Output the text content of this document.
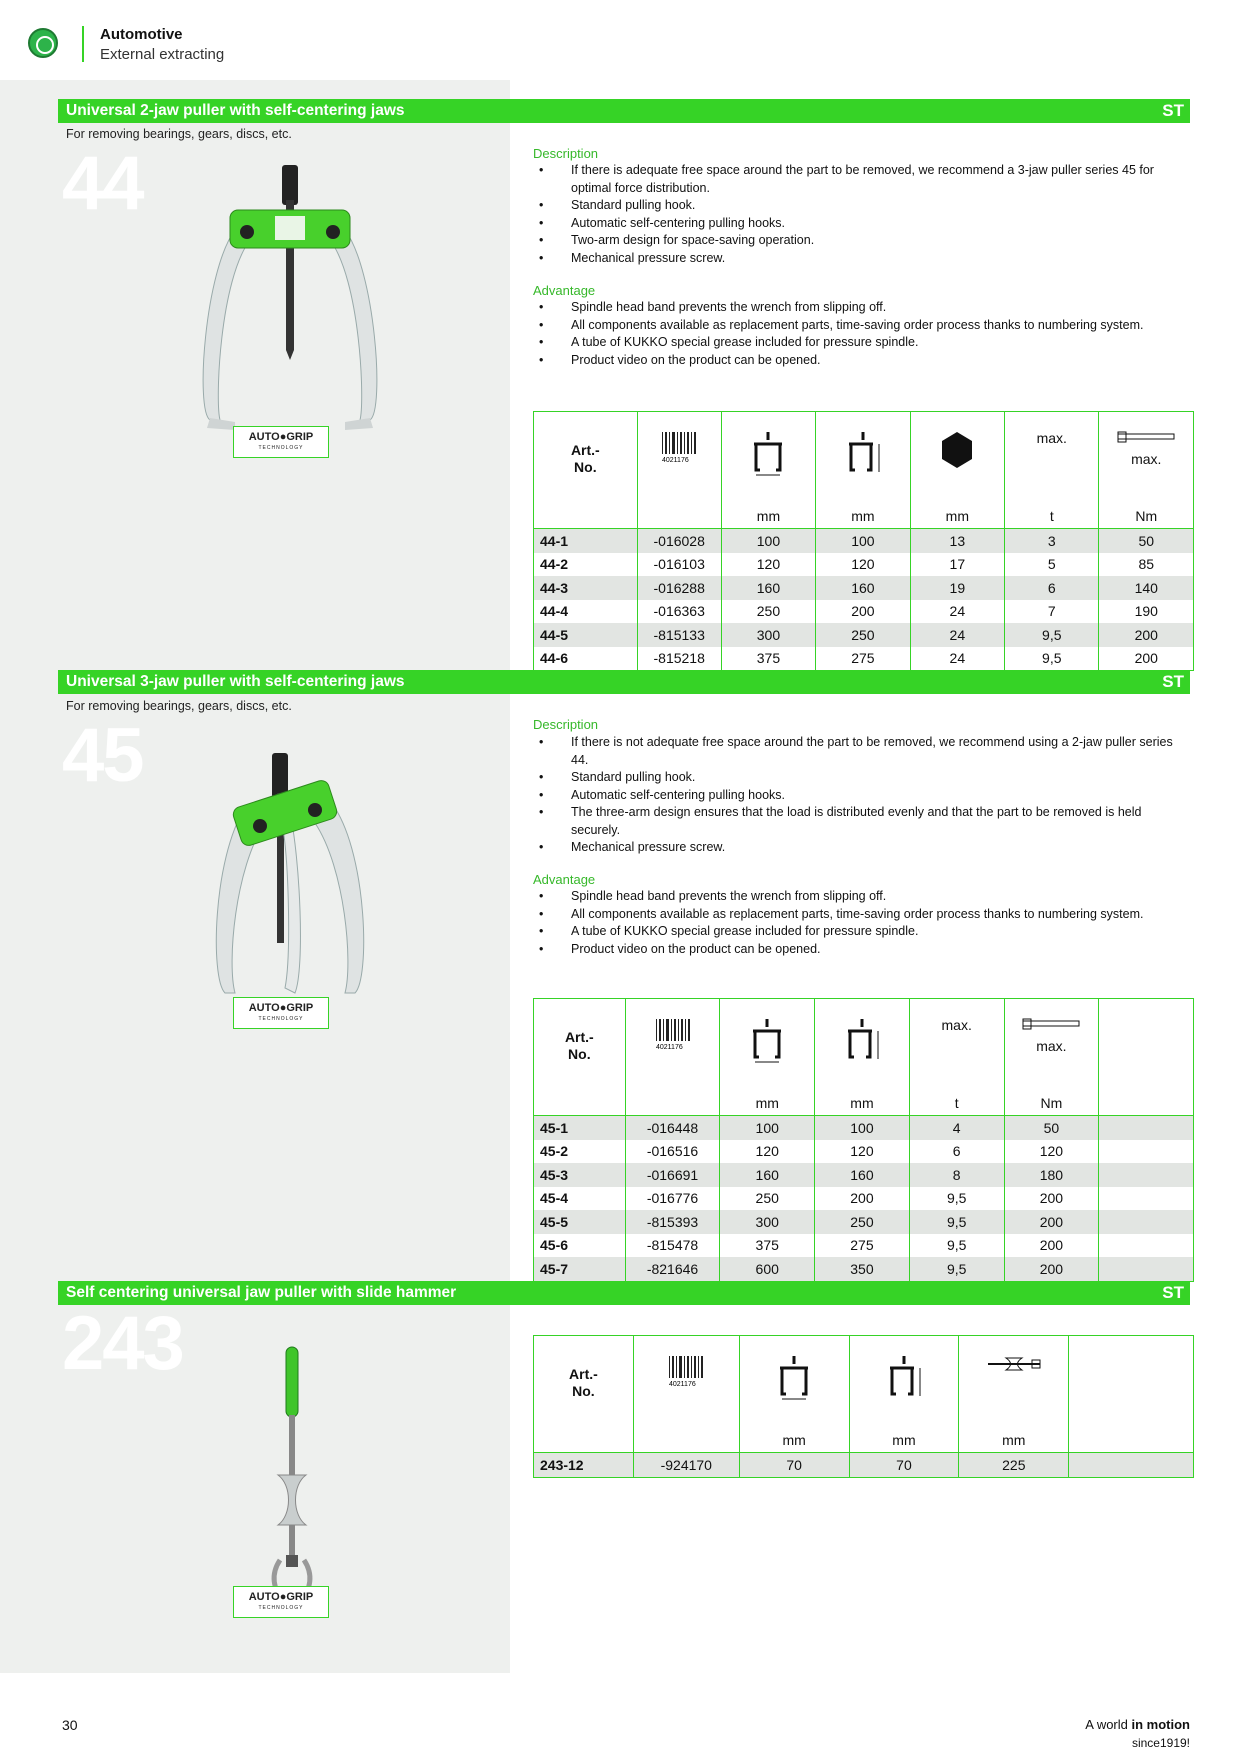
Automotive
External extracting
Universal 2-jaw puller with self-centering jaws	ST
For removing bearings, gears, discs, etc.
44
AUTO●GRIP
TECHNOLOGY
Description
• If there is adequate free space around the part to be removed, we recommend a 3-jaw puller series 45 for optimal force distribution.
• Standard pulling hook.
• Automatic self-centering pulling hooks.
• Two-arm design for space-saving operation.
• Mechanical pressure screw.
Advantage
• Spindle head band prevents the wrench from slipping off.
• All components available as replacement parts, time-saving order process thanks to numbering system.
• A tube of KUKKO special grease included for pressure spindle.
• Product video on the product can be opened.
Art.-
No.	4021176				max.	max.
		mm	mm	mm	t	Nm
44-1	-016028	100	100	13	3	50
44-2	-016103	120	120	17	5	85
44-3	-016288	160	160	19	6	140
44-4	-016363	250	200	24	7	190
44-5	-815133	300	250	24	9,5	200
44-6	-815218	375	275	24	9,5	200
Universal 3-jaw puller with self-centering jaws	ST
For removing bearings, gears, discs, etc.
45
AUTO●GRIP
TECHNOLOGY
Description
• If there is not adequate free space around the part to be removed, we recommend using a 2-jaw puller series 44.
• Standard pulling hook.
• Automatic self-centering pulling hooks.
• The three-arm design ensures that the load is distributed evenly and that the part to be removed is held securely.
• Mechanical pressure screw.
Advantage
• Spindle head band prevents the wrench from slipping off.
• All components available as replacement parts, time-saving order process thanks to numbering system.
• A tube of KUKKO special grease included for pressure spindle.
• Product video on the product can be opened.
Art.-
No.	4021176			max.	max.	
		mm	mm	t	Nm	
45-1	-016448	100	100	4	50	
45-2	-016516	120	120	6	120	
45-3	-016691	160	160	8	180	
45-4	-016776	250	200	9,5	200	
45-5	-815393	300	250	9,5	200	
45-6	-815478	375	275	9,5	200	
45-7	-821646	600	350	9,5	200	
Self centering universal jaw puller with slide hammer	ST
243
AUTO●GRIP
TECHNOLOGY
Art.-
No.	4021176

		mm	mm	mm	
243-12	-924170	70	70	225	
30	A world in motion
since1919!
